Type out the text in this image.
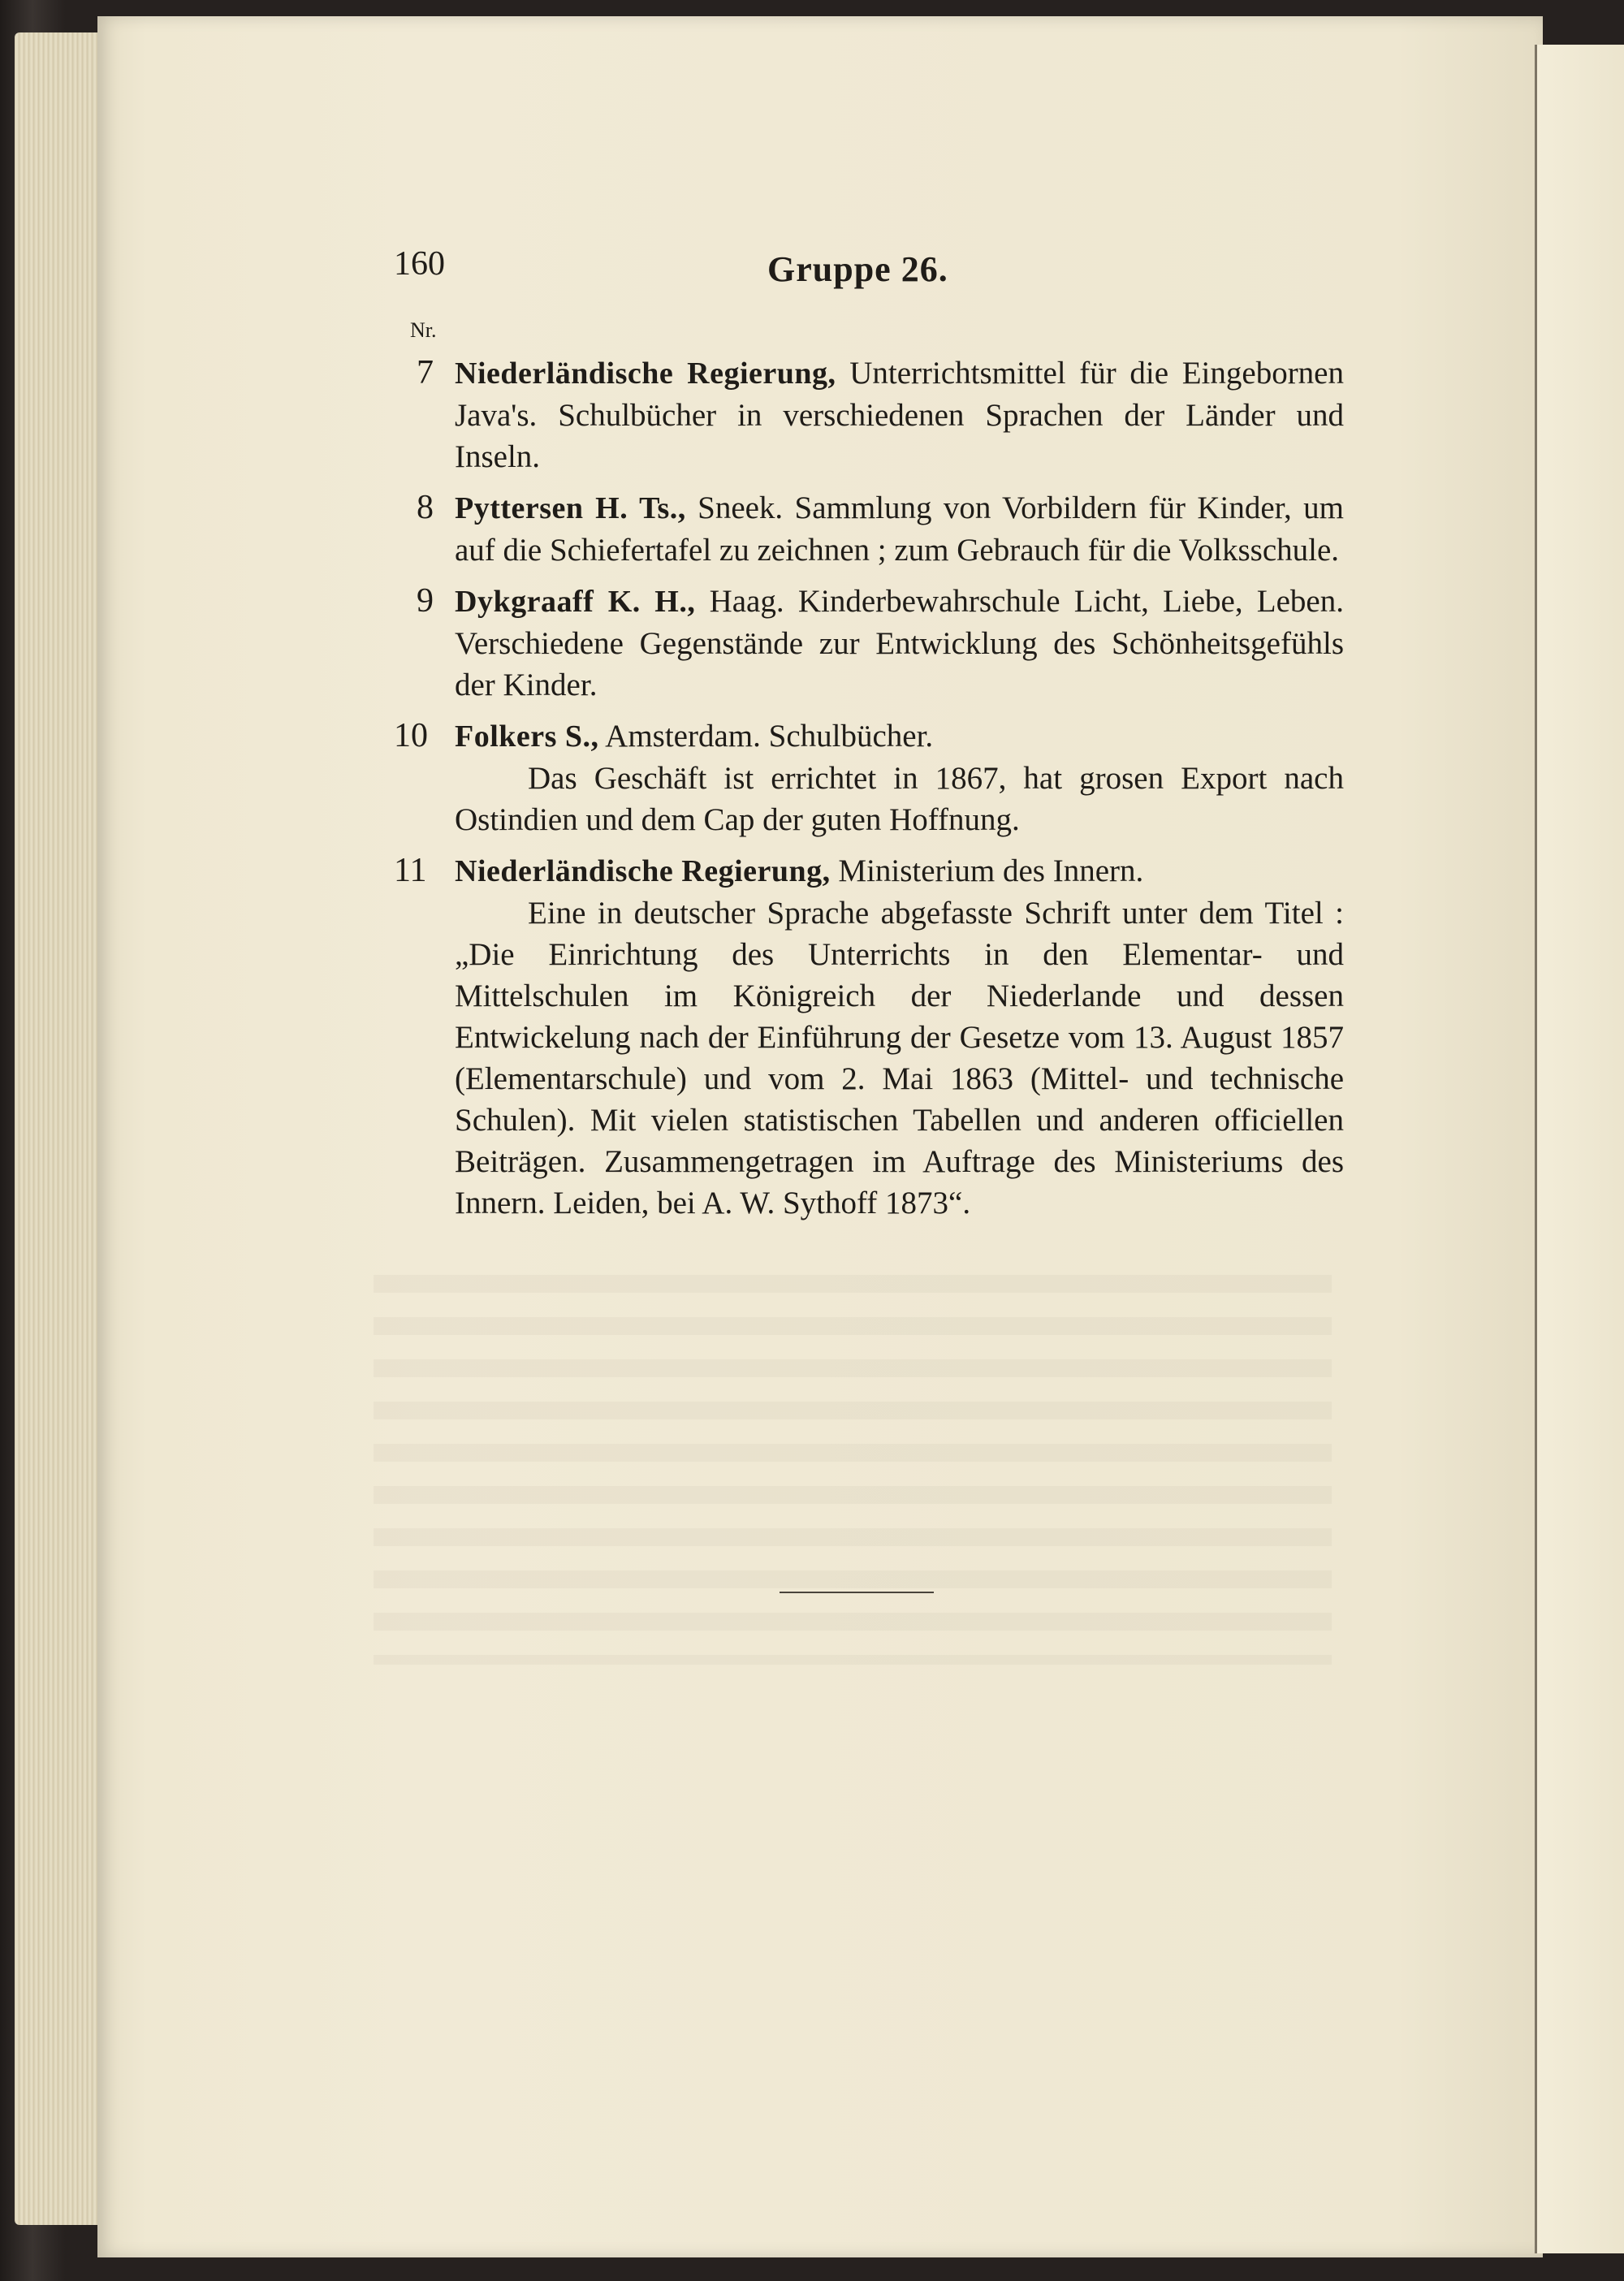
160	Gruppe 26.
Nr.
7 Niederländische Regierung, Unterrichtsmittel für die Eingebornen Java's. Schulbücher in verschiedenen Sprachen der Länder und Inseln.

8 Pyttersen H. Ts., Sneek. Sammlung von Vorbildern für Kinder, um auf die Schiefertafel zu zeichnen ; zum Gebrauch für die Volksschule.

9 Dykgraaff K. H., Haag. Kinderbewahrschule Licht, Liebe, Leben. Verschiedene Gegenstände zur Entwicklung des Schönheitsgefühls der Kinder.

10 Folkers S., Amsterdam. Schulbücher.

Das Geschäft ist errichtet in 1867, hat grosen Export nach Ostindien und dem Cap der guten Hoffnung.

11 Niederländische Regierung, Ministerium des Innern.

Eine in deutscher Sprache abgefasste Schrift unter dem Titel : „Die Einrichtung des Unterrichts in den Elementar- und Mittelschulen im Königreich der Niederlande und dessen Entwickelung nach der Einführung der Gesetze vom 13. August 1857 (Elementarschule) und vom 2. Mai 1863 (Mittel- und technische Schulen). Mit vielen statistischen Tabellen und anderen officiellen Beiträgen. Zusammengetragen im Auftrage des Ministeriums des Innern. Leiden, bei A. W. Sythoff 1873“.
